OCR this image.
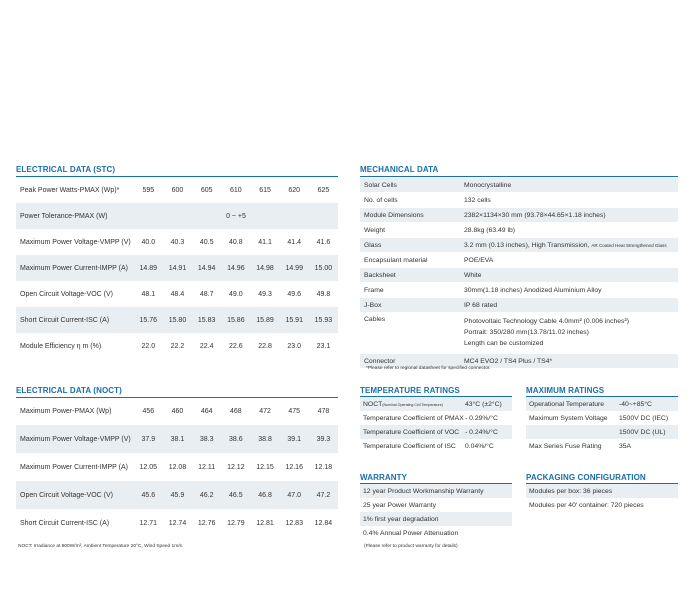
ELECTRICAL DATA (STC)
Peak Power Watts-PMAX (Wp)*	595	600	605	610	615	620	625
Power Tolerance-PMAX (W)	0 ~ +5
Maximum Power Voltage-VMPP (V)	40.0	40.3	40.5	40.8	41.1	41.4	41.6
Maximum Power Current-IMPP (A)	14.89	14.91	14.94	14.96	14.98	14.99	15.00
Open Circuit Voltage-VOC (V)	48.1	48.4	48.7	49.0	49.3	49.6	49.8
Short Circuit Current-ISC (A)	15.76	15.80	15.83	15.86	15.89	15.91	15.93
Module Efficiency η m (%)	22.0	22.2	22.4	22.6	22.8	23.0	23.1
ELECTRICAL DATA (NOCT)
Maximum Power-PMAX (Wp)	456	460	464	468	472	475	478
Maximum Power Voltage-VMPP (V)	37.9	38.1	38.3	38.6	38.8	39.1	39.3
Maximum Power Current-IMPP (A)	12.05	12.08	12.11	12.12	12.15	12.16	12.18
Open Circuit Voltage-VOC (V)	45.6	45.9	46.2	46.5	46.8	47.0	47.2
Short Circuit Current-ISC (A)	12.71	12.74	12.76	12.79	12.81	12.83	12.84
NOCT: Irradiance at 800W/m², Ambient Temperature 20°C, Wind Speed 1m/s.
MECHANICAL DATA
Solar Cells	Monocrystalline
No. of cells	132 cells
Module Dimensions	2382×1134×30 mm (93.78×44.65×1.18 inches)
Weight	28.8kg (63.49 lb)
Glass	3.2 mm (0.13 inches), High Transmission, AR Coated Heat Strengthened Glass
Encapsulant material	POE/EVA
Backsheet	White
Frame	30mm(1.18 inches) Anodized Aluminium Alloy
J-Box	IP 68 rated
Cables	Photovoltaic Technology Cable 4.0mm² (0.006 inches²)
Portrait: 350/280 mm(13.78/11.02 inches)
Length can be customized
Connector	MC4 EVO2 / TS4 Plus / TS4*
*Please refer to regional datasheet for specified connector.
TEMPERATURE RATINGS
NOCT(Nominal Operating Cell Temperature)	43°C (±2°C)
Temperature Coefficient of PMAX - 0.29%/°C
Temperature Coefficient of VOC - 0.24%/°C
Temperature Coefficient of ISC	0.04%/°C
MAXIMUM RATINGS
Operational Temperature	-40~+85°C
Maximum System Voltage	1500V DC (IEC)
1500V DC (UL)
Max Series Fuse Rating	35A
WARRANTY
12 year Product Workmanship Warranty
25 year Power Warranty
1% first year degradation
0.4% Annual Power Attenuation
(Please refer to product warranty for details)
PACKAGING CONFIGURATION
Modules per box: 36 pieces
Modules per 40' container: 720 pieces
